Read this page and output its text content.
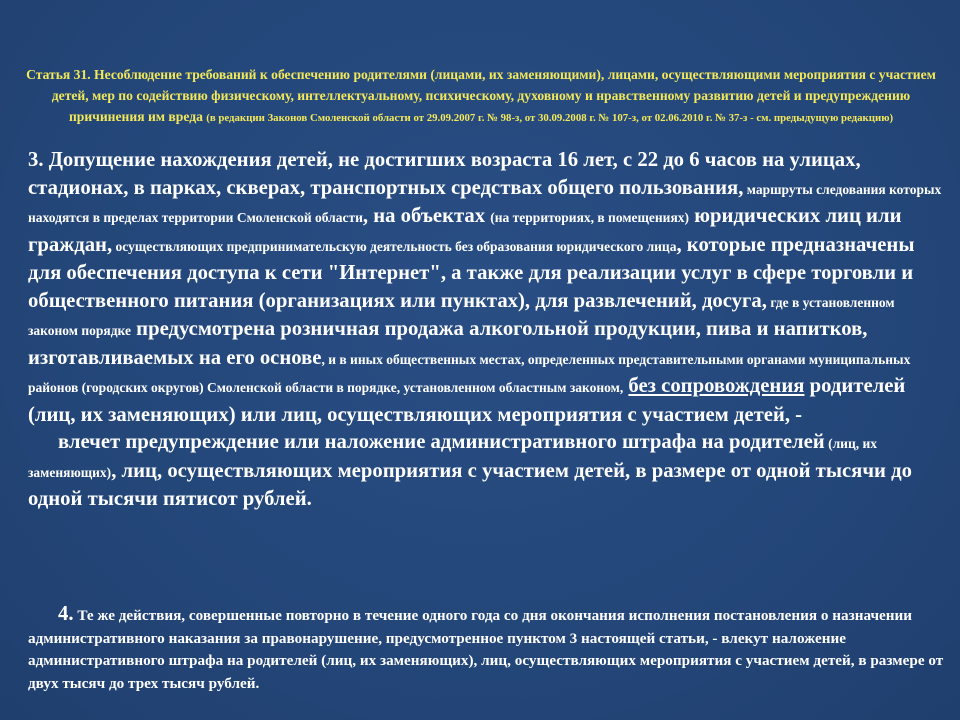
Статья 31. Несоблюдение требований к обеспечению родителями (лицами, их заменяющими), лицами, осуществляющими мероприятия с участием детей, мер по содействию физическому, интеллектуальному, психическому, духовному и нравственному развитию детей и предупреждению причинения им вреда (в редакции Законов Смоленской области от 29.09.2007 г. № 98-з, от 30.09.2008 г. № 107-з, от 02.06.2010 г. № 37-з - см. предыдущую редакцию)
3. Допущение нахождения детей, не достигших возраста 16 лет, с 22 до 6 часов на улицах, стадионах, в парках, скверах, транспортных средствах общего пользования, маршруты следования которых находятся в пределах территории Смоленской области, на объектах (на территориях, в помещениях) юридических лиц или граждан, осуществляющих предпринимательскую деятельность без образования юридического лица, которые предназначены для обеспечения доступа к сети "Интернет", а также для реализации услуг в сфере торговли и общественного питания (организациях или пунктах), для развлечений, досуга, где в установленном законом порядке предусмотрена розничная продажа алкогольной продукции, пива и напитков, изготавливаемых на его основе, и в иных общественных местах, определенных представительными органами муниципальных районов (городских округов) Смоленской области в порядке, установленном областным законом, без сопровождения родителей (лиц, их заменяющих) или лиц, осуществляющих мероприятия с участием детей, -
влечет предупреждение или наложение административного штрафа на родителей (лиц, их заменяющих), лиц, осуществляющих мероприятия с участием детей, в размере от одной тысячи до одной тысячи пятисот рублей.
4. Те же действия, совершенные повторно в течение одного года со дня окончания исполнения постановления о назначении административного наказания за правонарушение, предусмотренное пунктом 3 настоящей статьи, - влекут наложение административного штрафа на родителей (лиц, их заменяющих), лиц, осуществляющих мероприятия с участием детей, в размере от двух тысяч до трех тысяч рублей.
